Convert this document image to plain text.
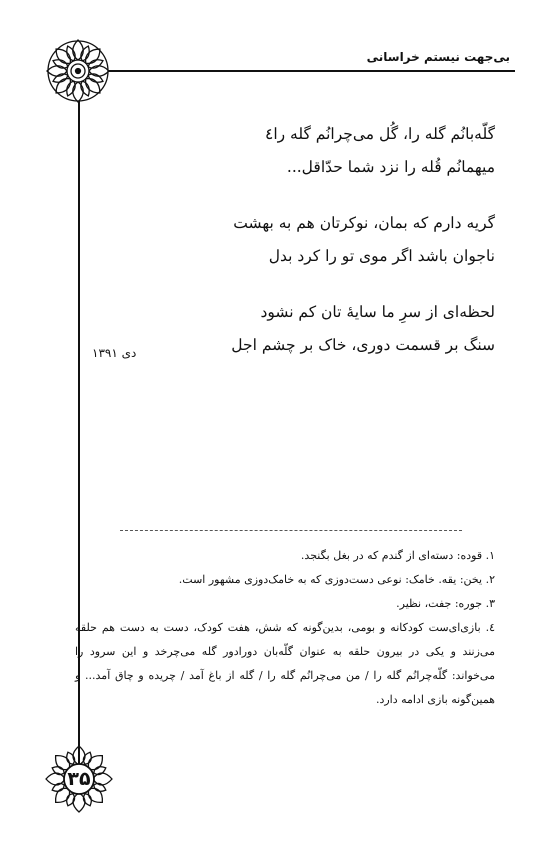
بی‌جهت نیستم خراسانی

گلّه‌بانُم گله را، گُل می‌چرانُم گله را٤

میهمانُم قُله را نزد شما حدّاقل...

گریه دارم که بمان، نوکرتان هم به بهشت

ناجوان باشد اگر موی تو را کرد بدل

لحظه‌ای از سرِ ما سایهٔ تان کم نشود

سنگ بر قسمت دوری، خاک بر چشم اجل

دی ۱۳۹۱

۱. قوده: دسته‌ای از گندم که در بغل بگنجد.

۲. یخن: یقه. خامک: نوعی دست‌دوزی که به خامک‌دوزی مشهور است.

۳. جوره: جفت، نظیر.

٤. بازی‌ای‌ست کودکانه و بومی، بدین‌گونه که شش، هفت کودک، دست به دست هم حلقه می‌زنند و یکی در بیرون حلقه به عنوان گلّه‌بان دورادور گله می‌چرخد و این سرود را می‌خواند: گلّه‌چرانُم گله را / من می‌چرانُم گله را / گله از باغ آمد / چریده و چاق آمد... و همین‌گونه بازی ادامه دارد.

۳۵
